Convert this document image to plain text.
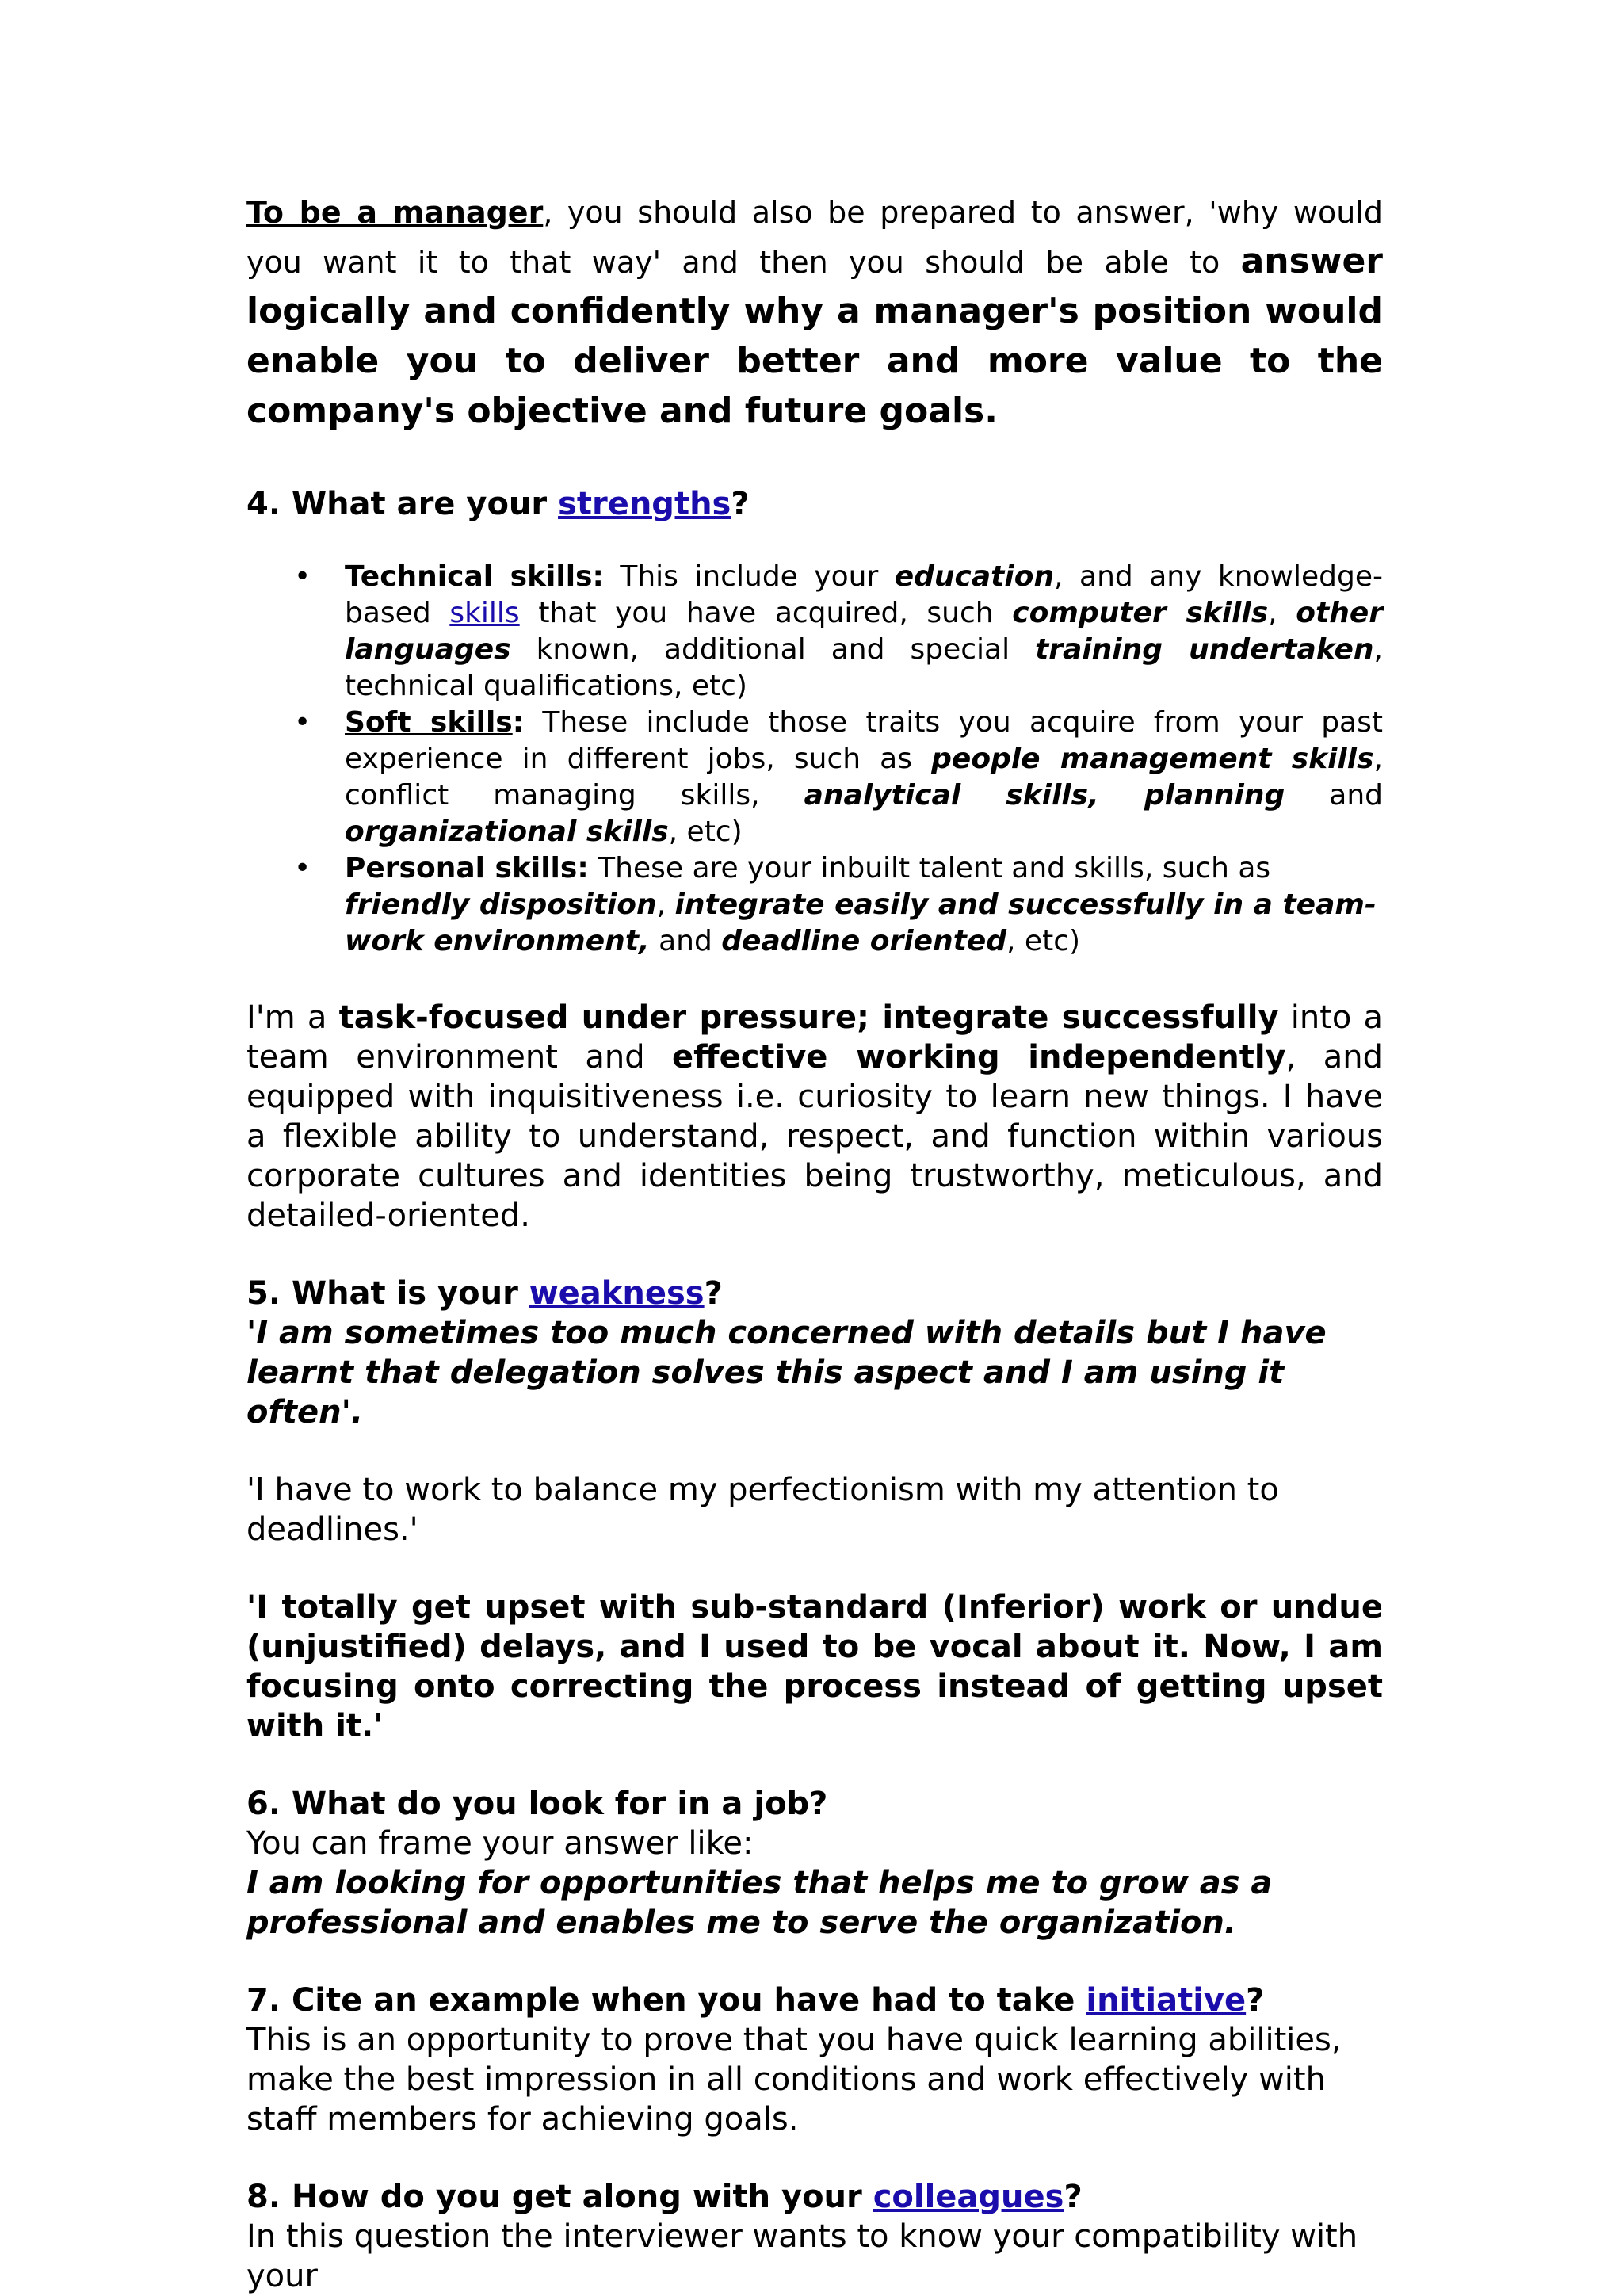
To be a manager, you should also be prepared to answer, 'why would you want it to that way' and then you should be able to answer logically and confidently why a manager's position would enable you to deliver better and more value to the company's objective and future goals.

4. What are your strengths?
• Technical skills: This include your education, and any knowledge-based skills that you have acquired, such computer skills, other languages known, additional and special training undertaken, technical qualifications, etc)
• Soft skills: These include those traits you acquire from your past experience in different jobs, such as people management skills, conflict managing skills, analytical skills, planning and organizational skills, etc)
• Personal skills: These are your inbuilt talent and skills, such as friendly disposition, integrate easily and successfully in a team-work environment, and deadline oriented, etc)

I'm a task-focused under pressure; integrate successfully into a team environment and effective working independently, and equipped with inquisitiveness i.e. curiosity to learn new things. I have a flexible ability to understand, respect, and function within various corporate cultures and identities being trustworthy, meticulous, and detailed-oriented.

5. What is your weakness?

'I am sometimes too much concerned with details but I have learnt that delegation solves this aspect and I am using it often'.

'I have to work to balance my perfectionism with my attention to deadlines.'

'I totally get upset with sub-standard (Inferior) work or undue (unjustified) delays, and I used to be vocal about it. Now, I am focusing onto correcting the process instead of getting upset with it.'

6. What do you look for in a job?

You can frame your answer like:

I am looking for opportunities that helps me to grow as a professional and enables me to serve the organization.

7. Cite an example when you have had to take initiative?

This is an opportunity to prove that you have quick learning abilities, make the best impression in all conditions and work effectively with staff members for achieving goals.

8. How do you get along with your colleagues?

In this question the interviewer wants to know your compatibility with your
